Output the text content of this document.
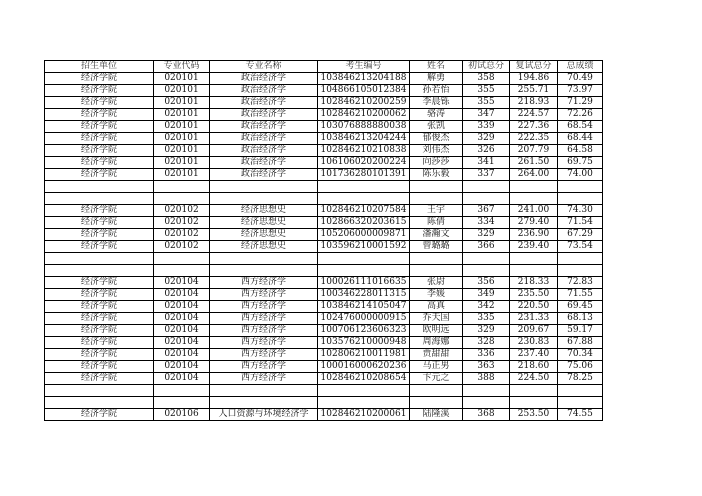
招生单位	专业代码	专业名称	考生编号	姓名	初试总分	复试总分	总成绩
经济学院	020101	政治经济学	103846213204188	解勇	358	194.86	70.49
经济学院	020101	政治经济学	104866105012384	孙若怡	355	255.71	73.97
经济学院	020101	政治经济学	102846210200259	李晨铄	355	218.93	71.29
经济学院	020101	政治经济学	102846210200062	骆涛	347	224.57	72.26
经济学院	020101	政治经济学	103076888880038	张凯	339	227.36	68.54
经济学院	020101	政治经济学	103846213204244	郁俊杰	329	222.35	68.44
经济学院	020101	政治经济学	102846210210838	刘伟杰	326	207.79	64.58
经济学院	020101	政治经济学	106106020200224	向莎莎	341	261.50	69.75
经济学院	020101	政治经济学	101736280101391	陈乐毅	337	264.00	74.00

经济学院	020102	经济思想史	102846210207584	王宇	367	241.00	74.30
经济学院	020102	经济思想史	102866320203615	陈倩	334	279.40	71.54
经济学院	020102	经济思想史	105206000009871	潘瀚文	329	236.90	67.29
经济学院	020102	经济思想史	103596210001592	曾璐璐	366	239.40	73.54

经济学院	020104	西方经济学	100026111016635	张尉	356	218.33	72.83
经济学院	020104	西方经济学	100346228011315	李媛	349	235.50	71.55
经济学院	020104	西方经济学	103846214105047	高真	342	220.50	69.45
经济学院	020104	西方经济学	102476000000915	乔天国	335	231.33	68.13
经济学院	020104	西方经济学	100706123606323	欧明远	329	209.67	59.17
经济学院	020104	西方经济学	103576210000948	周海娜	328	230.83	67.88
经济学院	020104	西方经济学	102806210011981	贾甜甜	336	237.40	70.34
经济学院	020104	西方经济学	100016000620236	马正男	363	218.60	75.06
经济学院	020104	西方经济学	102846210208654	卞元之	388	224.50	78.25

经济学院	020106	人口资源与环境经济学	102846210200061	陆隆溪	368	253.50	74.55
